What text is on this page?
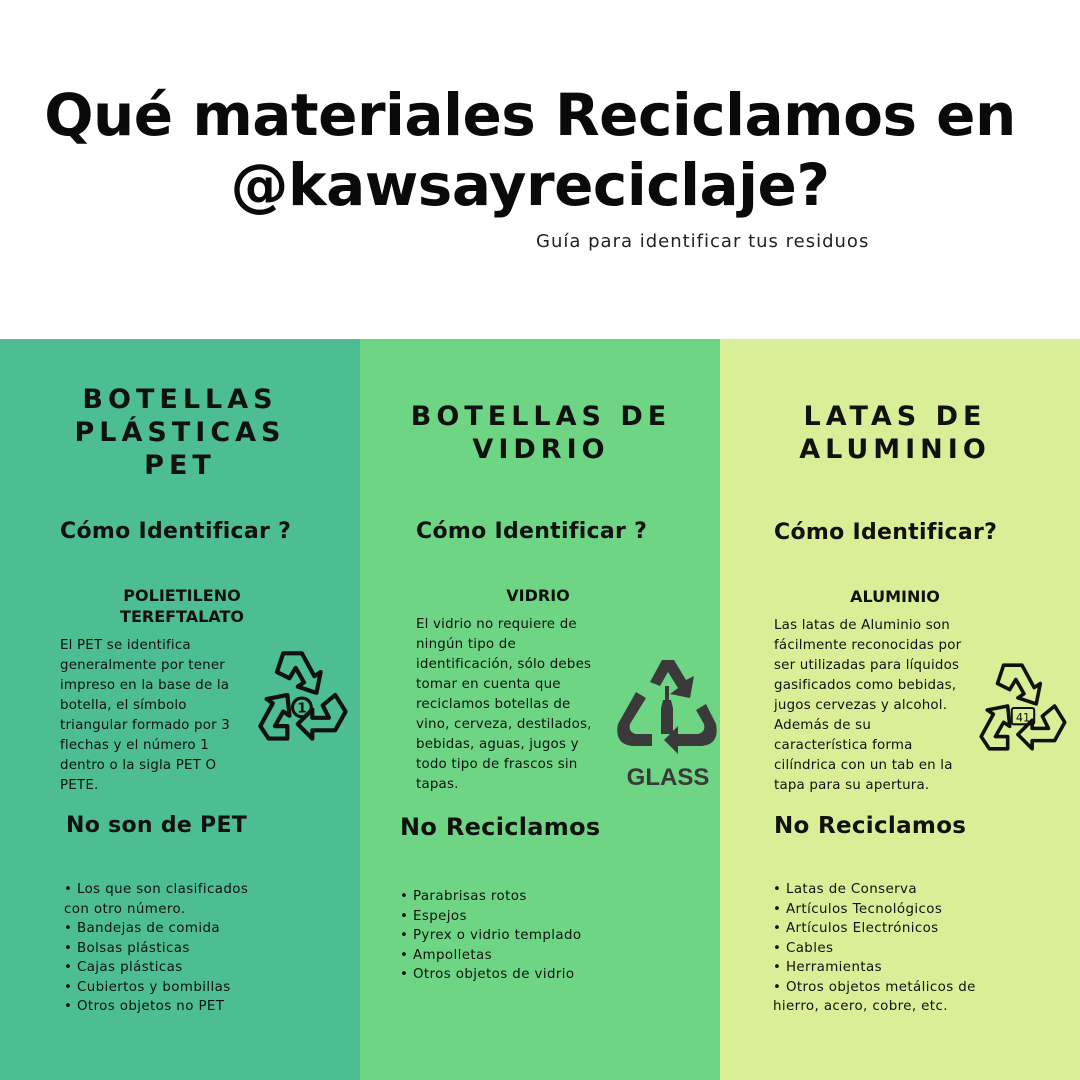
Qué materiales Reciclamos en
@kawsayreciclaje?
Guía para identificar tus residuos
BOTELLAS
PLÁSTICAS
PET
Cómo Identificar ?
POLIETILENO
TEREFTALATO
El PET se identifica
generalmente por tener
impreso en la base de la
botella, el símbolo
triangular formado por 3
flechas y el número 1
dentro o la sigla PET O
PETE.
1
No son de PET
• Los que son clasificados
con otro número.
• Bandejas de comida
• Bolsas plásticas
• Cajas plásticas
• Cubiertos y bombillas
• Otros objetos no PET
BOTELLAS DE
VIDRIO
Cómo Identificar ?
VIDRIO
El vidrio no requiere de
ningún tipo de
identificación, sólo debes
tomar en cuenta que
reciclamos botellas de
vino, cerveza, destilados,
bebidas, aguas, jugos y
todo tipo de frascos sin
tapas.	GLASS
No Reciclamos
• Parabrisas rotos
• Espejos
• Pyrex o vidrio templado
• Ampolletas
• Otros objetos de vidrio
LATAS DE
ALUMINIO
Cómo Identificar?
ALUMINIO
Las latas de Aluminio son
fácilmente reconocidas por
ser utilizadas para líquidos
gasificados como bebidas,
jugos cervezas y alcohol.
Además de su
característica forma
cilíndrica con un tab en la
tapa para su apertura.
41
No Reciclamos
• Latas de Conserva
• Artículos Tecnológicos
• Artículos Electrónicos
• Cables
• Herramientas
• Otros objetos metálicos de
hierro, acero, cobre, etc.
